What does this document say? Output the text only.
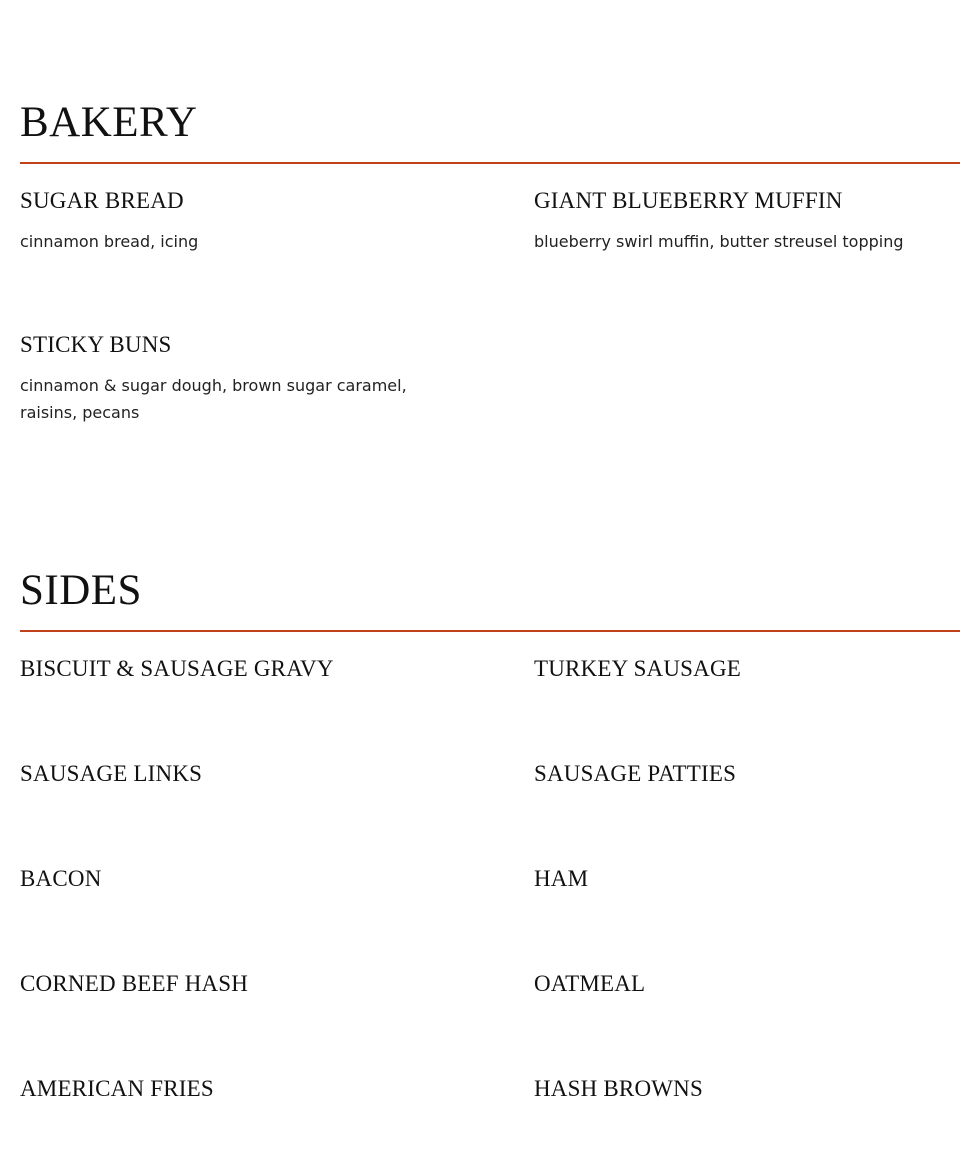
BAKERY
SUGAR BREAD

cinnamon bread, icing

GIANT BLUEBERRY MUFFIN

blueberry swirl muffin, butter streusel topping

STICKY BUNS

cinnamon & sugar dough, brown sugar caramel, raisins, pecans

SIDES
BISCUIT & SAUSAGE GRAVY	TURKEY SAUSAGE
SAUSAGE LINKS	SAUSAGE PATTIES
BACON	HAM
CORNED BEEF HASH	OATMEAL
AMERICAN FRIES	HASH BROWNS
